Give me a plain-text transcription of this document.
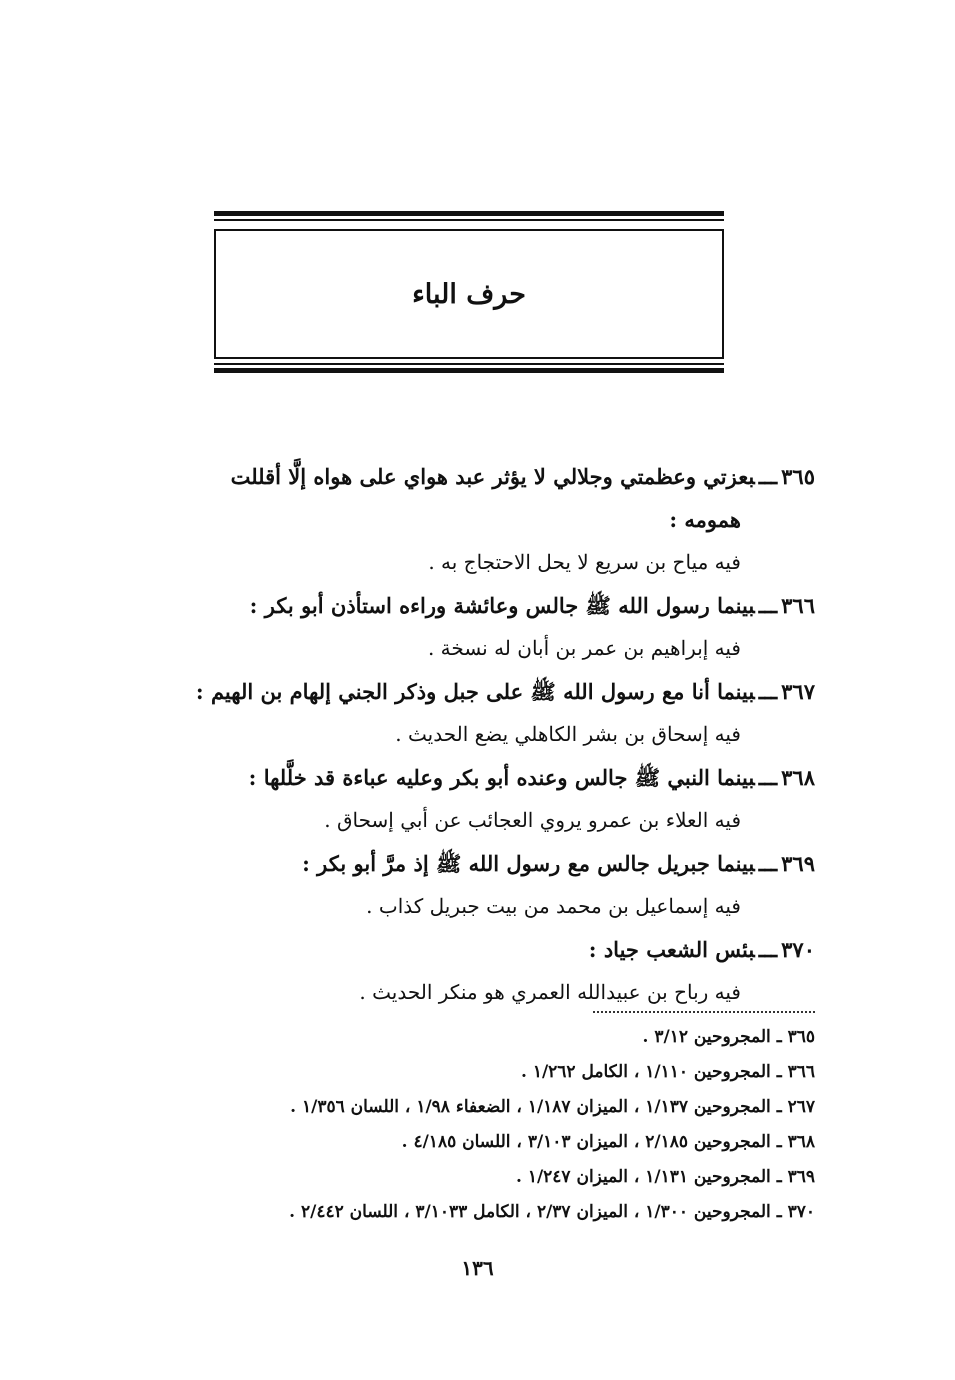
حرف الباء
٣٦٥ـــبعزتي وعظمتي وجلالي لا يؤثر عبد هواي على هواه إلَّا أقللت
همومه :
فيه مياح بن سريع لا يحل الاحتجاج به .
٣٦٦ـــبينما رسول الله ﷺ جالس وعائشة وراءه استأذن أبو بكر :
فيه إبراهيم بن عمر بن أبان له نسخة .
٣٦٧ـــبينما أنا مع رسول الله ﷺ على جبل وذكر الجني إلهام بن الهيم :
فيه إسحاق بن بشر الكاهلي يضع الحديث .
٣٦٨ـــبينما النبي ﷺ جالس وعنده أبو بكر وعليه عباءة قد خلَّلها :
فيه العلاء بن عمرو يروي العجائب عن أبي إسحاق .
٣٦٩ـــبينما جبريل جالس مع رسول الله ﷺ إذ مرَّ أبو بكر :
فيه إسماعيل بن محمد من بيت جبريل كذاب .
٣٧٠ـــبئس الشعب جياد :
فيه رباح بن عبيدالله العمري هو منكر الحديث .
٣٦٥ ـ المجروحين ٣/١٢ .
٣٦٦ ـ المجروحين ١/١١٠ ، الكامل ١/٢٦٢ .
٢٦٧ ـ المجروحين ١/١٣٧ ، الميزان ١/١٨٧ ، الضعفاء ١/٩٨ ، اللسان ١/٣٥٦ .
٣٦٨ ـ المجروحين ٢/١٨٥ ، الميزان ٣/١٠٣ ، اللسان ٤/١٨٥ .
٣٦٩ ـ المجروحين ١/١٣١ ، الميزان ١/٢٤٧ .
٣٧٠ ـ المجروحين ١/٣٠٠ ، الميزان ٢/٣٧ ، الكامل ٣/١٠٣٣ ، اللسان ٢/٤٤٢ .
١٣٦
